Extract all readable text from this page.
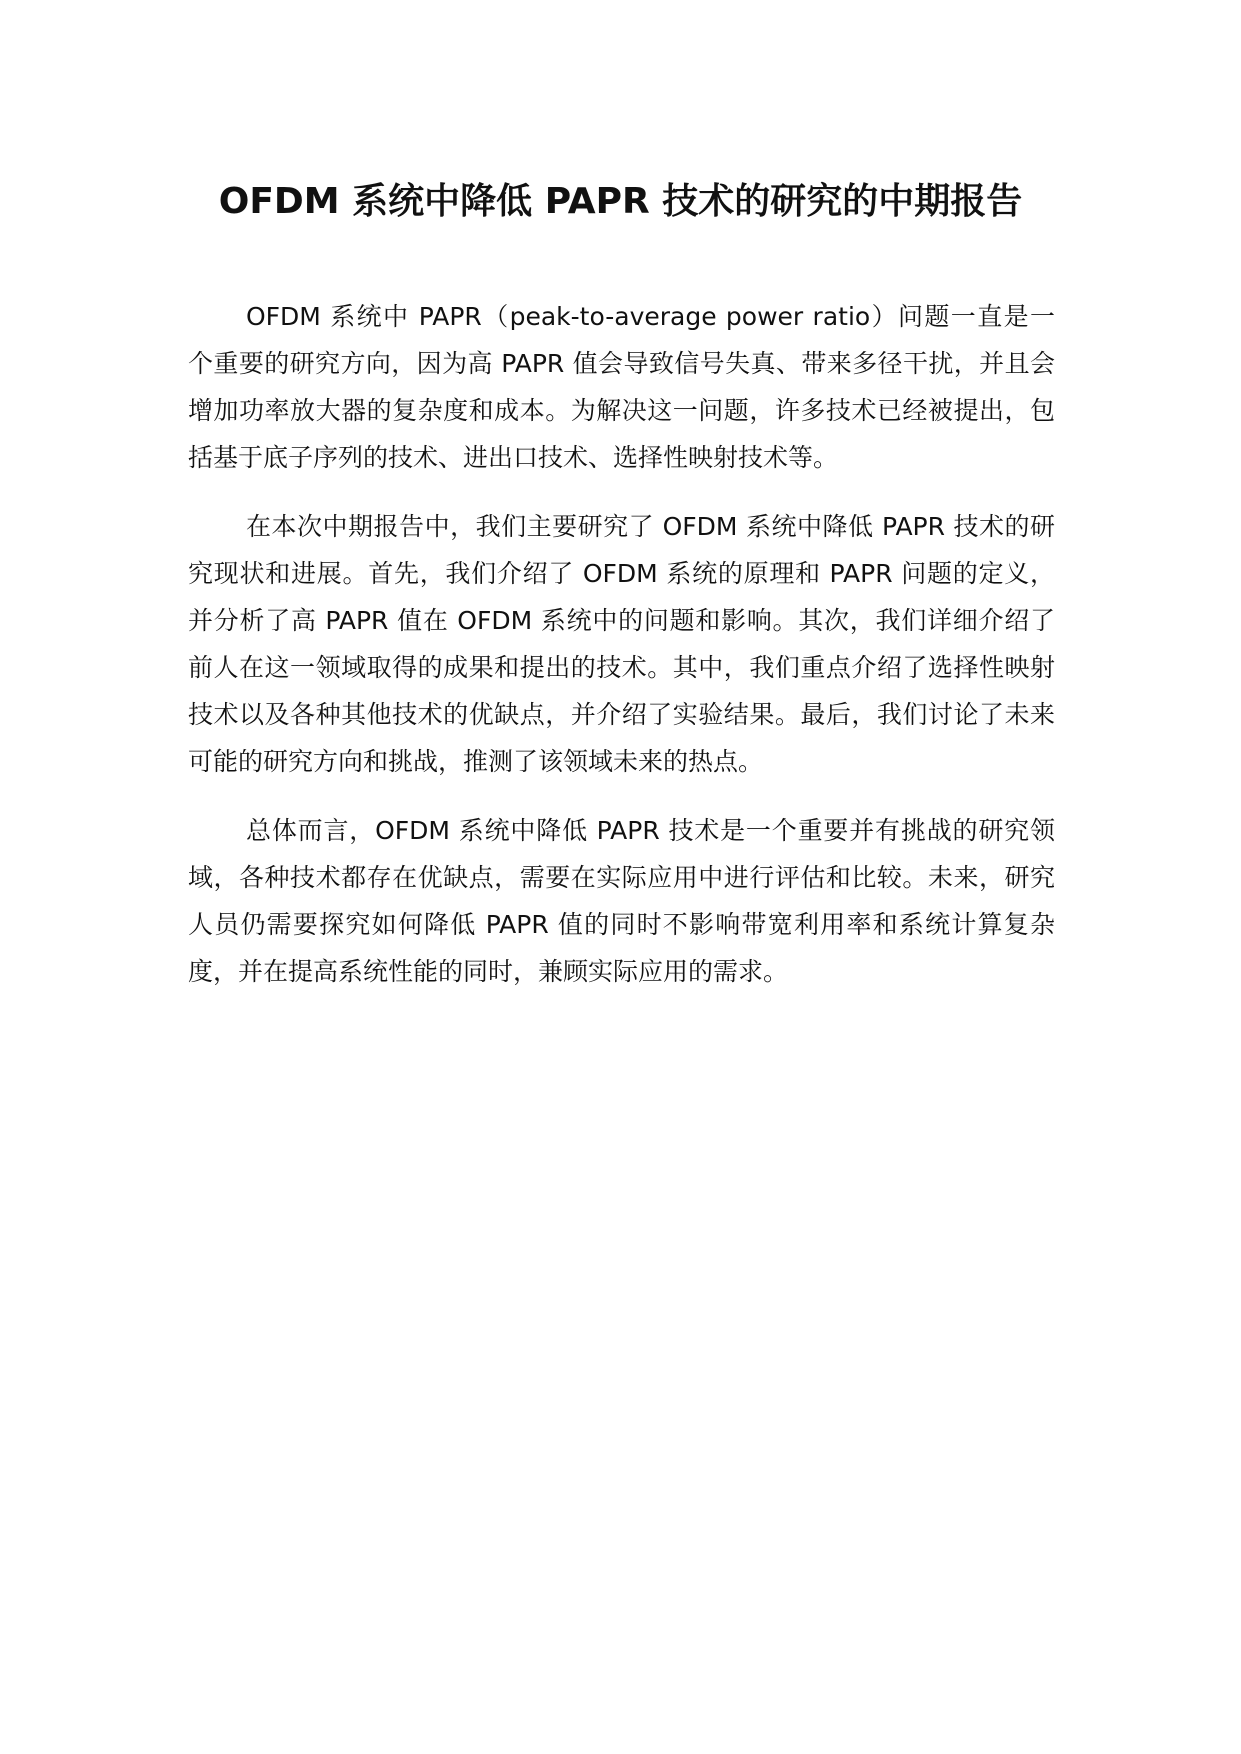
OFDM 系统中降低 PAPR 技术的研究的中期报告

OFDM 系统中 PAPR（peak-to-average power ratio）问题一直是一个重要的研究方向，因为高 PAPR 值会导致信号失真、带来多径干扰，并且会增加功率放大器的复杂度和成本。为解决这一问题，许多技术已经被提出，包括基于底子序列的技术、进出口技术、选择性映射技术等。

在本次中期报告中，我们主要研究了 OFDM 系统中降低 PAPR 技术的研究现状和进展。首先，我们介绍了 OFDM 系统的原理和 PAPR 问题的定义，并分析了高 PAPR 值在 OFDM 系统中的问题和影响。其次，我们详细介绍了前人在这一领域取得的成果和提出的技术。其中，我们重点介绍了选择性映射技术以及各种其他技术的优缺点，并介绍了实验结果。最后，我们讨论了未来可能的研究方向和挑战，推测了该领域未来的热点。

总体而言，OFDM 系统中降低 PAPR 技术是一个重要并有挑战的研究领域，各种技术都存在优缺点，需要在实际应用中进行评估和比较。未来，研究人员仍需要探究如何降低 PAPR 值的同时不影响带宽利用率和系统计算复杂度，并在提高系统性能的同时，兼顾实际应用的需求。
